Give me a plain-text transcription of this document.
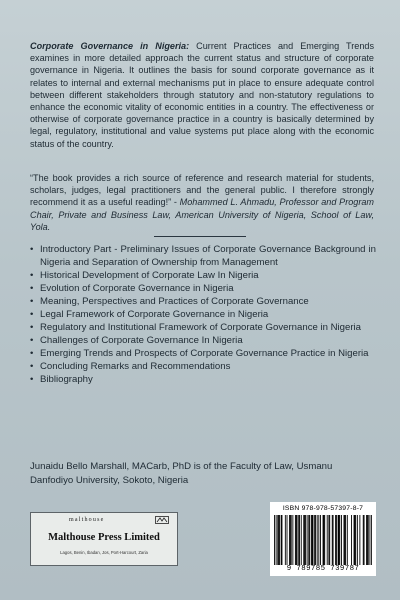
Corporate Governance in Nigeria: Current Practices and Emerging Trends examines in more detailed approach the current status and structure of corporate governance in Nigeria. It outlines the basis for sound corporate governance as it relates to internal and external mechanisms put in place to ensure adequate control between different stakeholders through statutory and non-statutory regulations to enhance the economic vitality of economic entities in a country. The effectiveness or otherwise of corporate governance practice in a country is basically determined by legal, regulatory, institutional and value systems put place along with the economic status of the country.

“The book provides a rich source of reference and research material for students, scholars, judges, legal practitioners and the general public. I therefore strongly recommend it as a useful reading!” - Mohammed L. Ahmadu, Professor and Program Chair, Private and Business Law, American University of Nigeria, School of Law, Yola.

• Introductory Part - Preliminary Issues of Corporate Governance Background in Nigeria and Separation of Ownership from Management
• Historical Development of Corporate Law In Nigeria
• Evolution of Corporate Governance in Nigeria
• Meaning, Perspectives and Practices of Corporate Governance
• Legal Framework of Corporate Governance in Nigeria
• Regulatory and Institutional Framework of Corporate Governance in Nigeria
• Challenges of Corporate Governance In Nigeria
• Emerging Trends and Prospects of Corporate Governance Practice in Nigeria
• Concluding Remarks and Recommendations
• Bibliography

Junaidu Bello Marshall, MACarb, PhD is of the Faculty of Law, Usmanu Danfodiyo University, Sokoto, Nigeria

malthouse
Malthouse Press Limited
Lagos, Benin, Ibadan, Jos, Port-Harcourt, Zaria
ISBN 978-978-57397-8-7
9 789785 739787
